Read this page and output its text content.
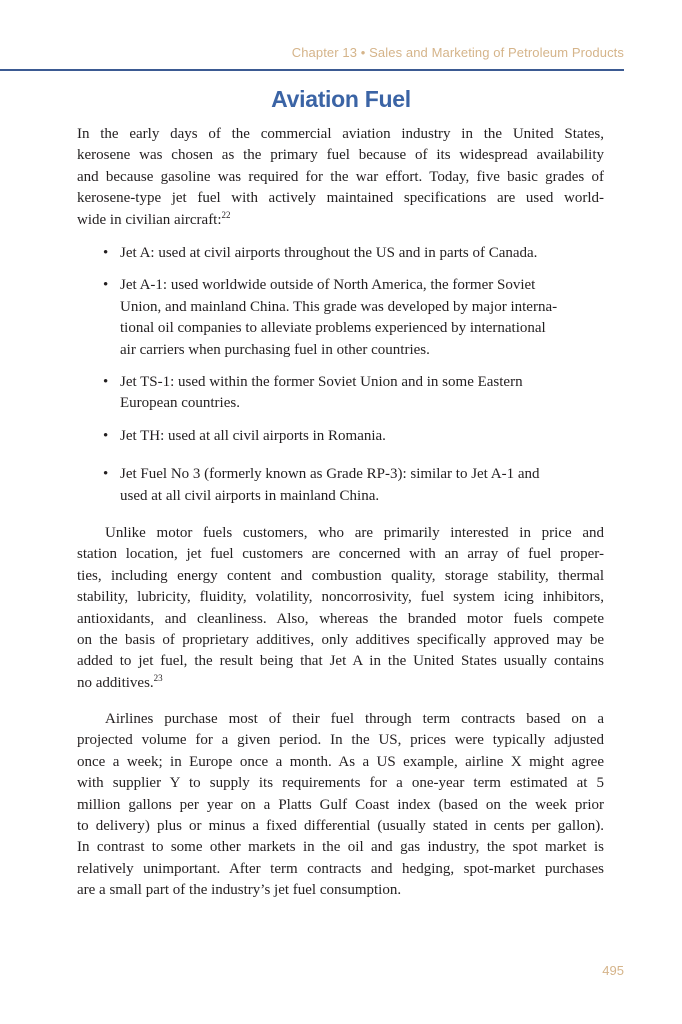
Chapter 13 • Sales and Marketing of Petroleum Products
Aviation Fuel

In the early days of the commercial aviation industry in the United States,
kerosene was chosen as the primary fuel because of its widespread availability
and because gasoline was required for the war effort. Today, five basic grades of
kerosene-type jet fuel with actively maintained specifications are used world-
wide in civilian aircraft:$^{22}$

• Jet A: used at civil airports throughout the US and in parts of Canada.
• Jet A-1: used worldwide outside of North America, the former Soviet
Union, and mainland China. This grade was developed by major interna-
tional oil companies to alleviate problems experienced by international
air carriers when purchasing fuel in other countries.
• Jet TS-1: used within the former Soviet Union and in some Eastern
European countries.
• Jet TH: used at all civil airports in Romania.
• Jet Fuel No 3 (formerly known as Grade RP-3): similar to Jet A-1 and
used at all civil airports in mainland China.

Unlike motor fuels customers, who are primarily interested in price and
station location, jet fuel customers are concerned with an array of fuel proper-
ties, including energy content and combustion quality, storage stability, thermal
stability, lubricity, fluidity, volatility, noncorrosivity, fuel system icing inhibitors,
antioxidants, and cleanliness. Also, whereas the branded motor fuels compete
on the basis of proprietary additives, only additives specifically approved may be
added to jet fuel, the result being that Jet A in the United States usually contains
no additives.$^{23}$

Airlines purchase most of their fuel through term contracts based on a
projected volume for a given period. In the US, prices were typically adjusted
once a week; in Europe once a month. As a US example, airline X might agree
with supplier Y to supply its requirements for a one-year term estimated at 5
million gallons per year on a Platts Gulf Coast index (based on the week prior
to delivery) plus or minus a fixed differential (usually stated in cents per gallon).
In contrast to some other markets in the oil and gas industry, the spot market is
relatively unimportant. After term contracts and hedging, spot-market purchases
are a small part of the industry’s jet fuel consumption.

495
